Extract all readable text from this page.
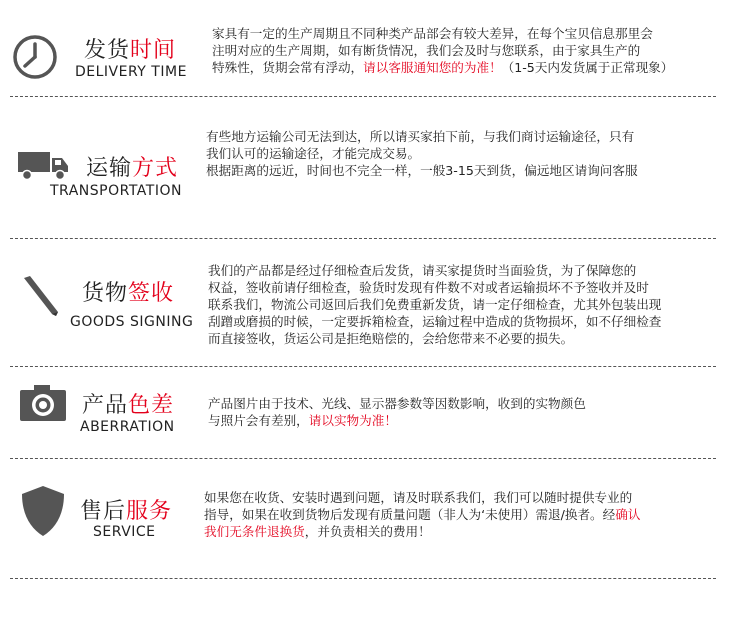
发货时间
DELIVERY TIME
家具有一定的生产周期且不同种类产品部会有较大差异，在每个宝贝信息那里会
注明对应的生产周期，如有断货情况，我们会及时与您联系，由于家具生产的
特殊性，货期会常有浮动，请以客服通知您的为准！（1-5天内发货属于正常现象）
运输方式
TRANSPORTATION
有些地方运输公司无法到达，所以请买家拍下前，与我们商讨运输途径，只有
我们认可的运输途径，才能完成交易。
根据距离的远近，时间也不完全一样，一般3-15天到货，偏远地区请询问客服
货物签收
GOODS SIGNING
我们的产品都是经过仔细检查后发货，请买家提货时当面验货，为了保障您的
权益，签收前请仔细检查，验货时发现有件数不对或者运输损坏不予签收并及时
联系我们，物流公司返回后我们免费重新发货，请一定仔细检查，尤其外包装出现
刮蹭或磨损的时候，一定要拆箱检查，运输过程中造成的货物损坏，如不仔细检查
而直接签收，货运公司是拒绝赔偿的，会给您带来不必要的损失。
产品色差
ABERRATION
产品图片由于技术、光线、显示器参数等因数影响，收到的实物颜色
与照片会有差别，请以实物为准！
售后服务
SERVICE
如果您在收货、安装时遇到问题，请及时联系我们，我们可以随时提供专业的
指导，如果在收到货物后发现有质量问题（非人为‘未使用）需退/换者。经确认
我们无条件退换货，并负责相关的费用！
